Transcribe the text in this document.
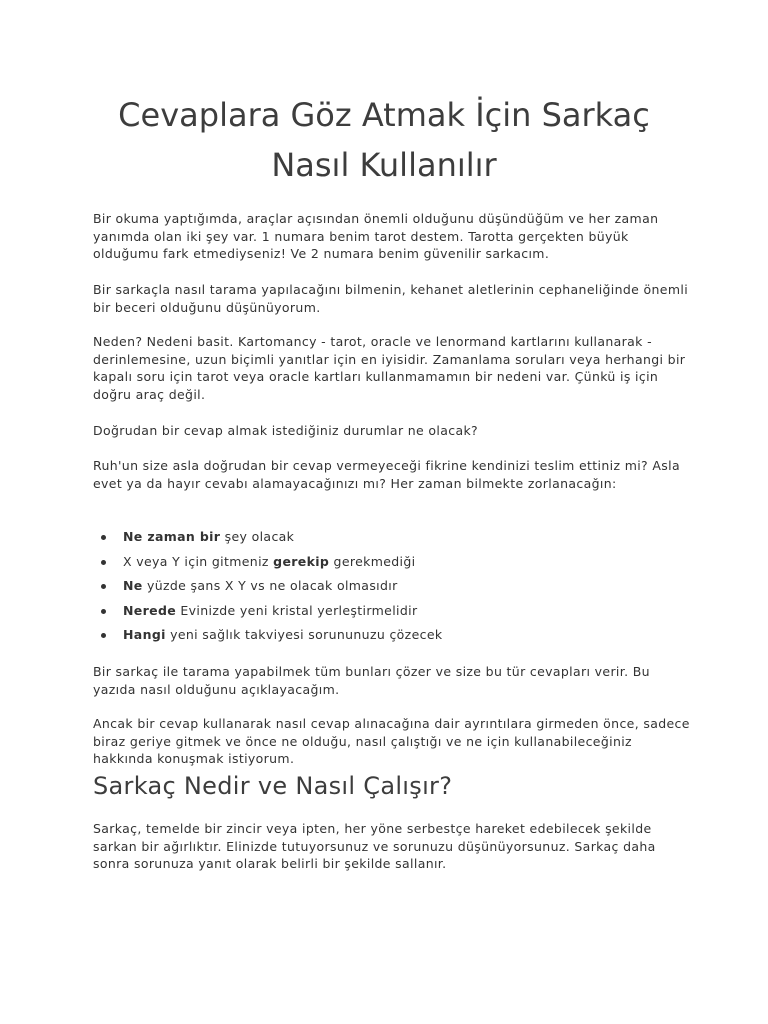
Cevaplara Göz Atmak İçin Sarkaç
Nasıl Kullanılır

Bir okuma yaptığımda, araçlar açısından önemli olduğunu düşündüğüm ve her zaman yanımda olan iki şey var. 1 numara benim tarot destem. Tarotta gerçekten büyük olduğumu fark etmediyseniz! Ve 2 numara benim güvenilir sarkacım.

Bir sarkaçla nasıl tarama yapılacağını bilmenin, kehanet aletlerinin cephaneliğinde önemli bir beceri olduğunu düşünüyorum.

Neden? Nedeni basit. Kartomancy - tarot, oracle ve lenormand kartlarını kullanarak - derinlemesine, uzun biçimli yanıtlar için en iyisidir. Zamanlama soruları veya herhangi bir kapalı soru için tarot veya oracle kartları kullanmamamın bir nedeni var. Çünkü iş için doğru araç değil.

Doğrudan bir cevap almak istediğiniz durumlar ne olacak?

Ruh'un size asla doğrudan bir cevap vermeyeceği fikrine kendinizi teslim ettiniz mi? Asla evet ya da hayır cevabı alamayacağınızı mı? Her zaman bilmekte zorlanacağın:

Ne zaman bir şey olacak
X veya Y için gitmeniz gerekip gerekmediği
Ne yüzde şans X Y vs ne olacak olmasıdır
Nerede Evinizde yeni kristal yerleştirmelidir
Hangi yeni sağlık takviyesi sorununuzu çözecek

Bir sarkaç ile tarama yapabilmek tüm bunları çözer ve size bu tür cevapları verir. Bu yazıda nasıl olduğunu açıklayacağım.

Ancak bir cevap kullanarak nasıl cevap alınacağına dair ayrıntılara girmeden önce, sadece biraz geriye gitmek ve önce ne olduğu, nasıl çalıştığı ve ne için kullanabileceğiniz hakkında konuşmak istiyorum.

Sarkaç Nedir ve Nasıl Çalışır?

Sarkaç, temelde bir zincir veya ipten, her yöne serbestçe hareket edebilecek şekilde sarkan bir ağırlıktır. Elinizde tutuyorsunuz ve sorunuzu düşünüyorsunuz. Sarkaç daha sonra sorunuza yanıt olarak belirli bir şekilde sallanır.
